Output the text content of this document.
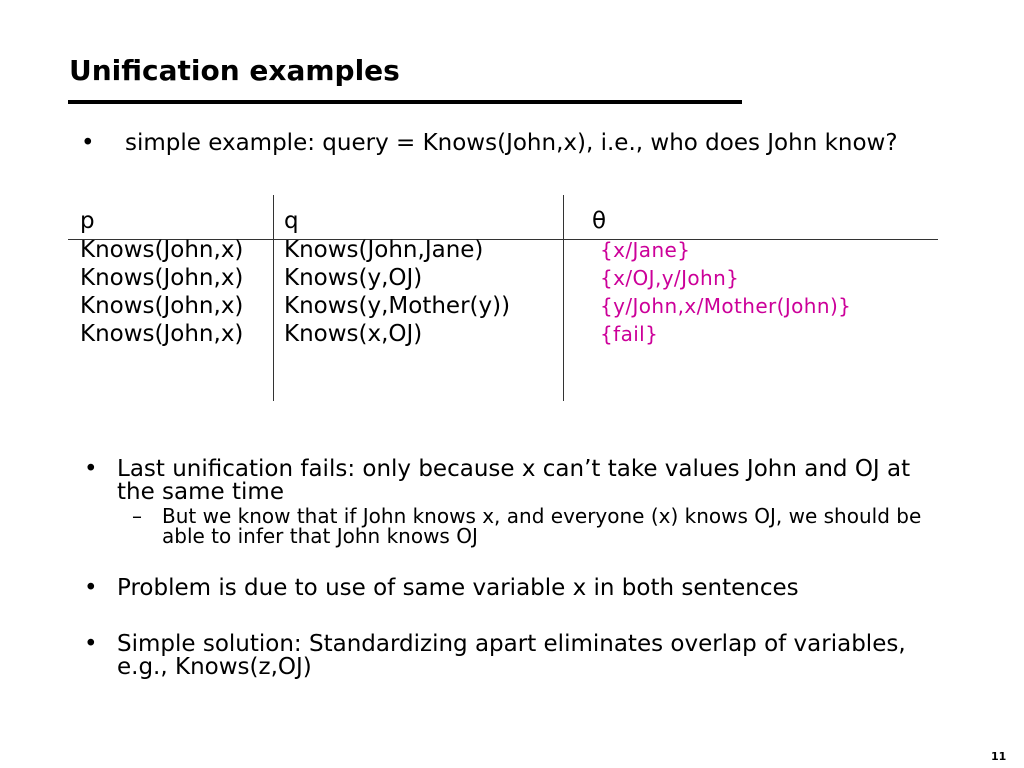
Unification examples
• simple example: query = Knows(John,x), i.e., who does John know?
p	q	θ
Knows(John,x) Knows(John,Jane)	{x/Jane}
Knows(John,x) Knows(y,OJ)	{x/OJ,y/John}
Knows(John,x) Knows(y,Mother(y))	{y/John,x/Mother(John)}
Knows(John,x) Knows(x,OJ)	{fail}
• Last unification fails: only because x can’t take values John and OJ at
the same time
– But we know that if John knows x, and everyone (x) knows OJ, we should be
able to infer that John knows OJ
• Problem is due to use of same variable x in both sentences
• Simple solution: Standardizing apart eliminates overlap of variables,
e.g., Knows(z,OJ)
11
